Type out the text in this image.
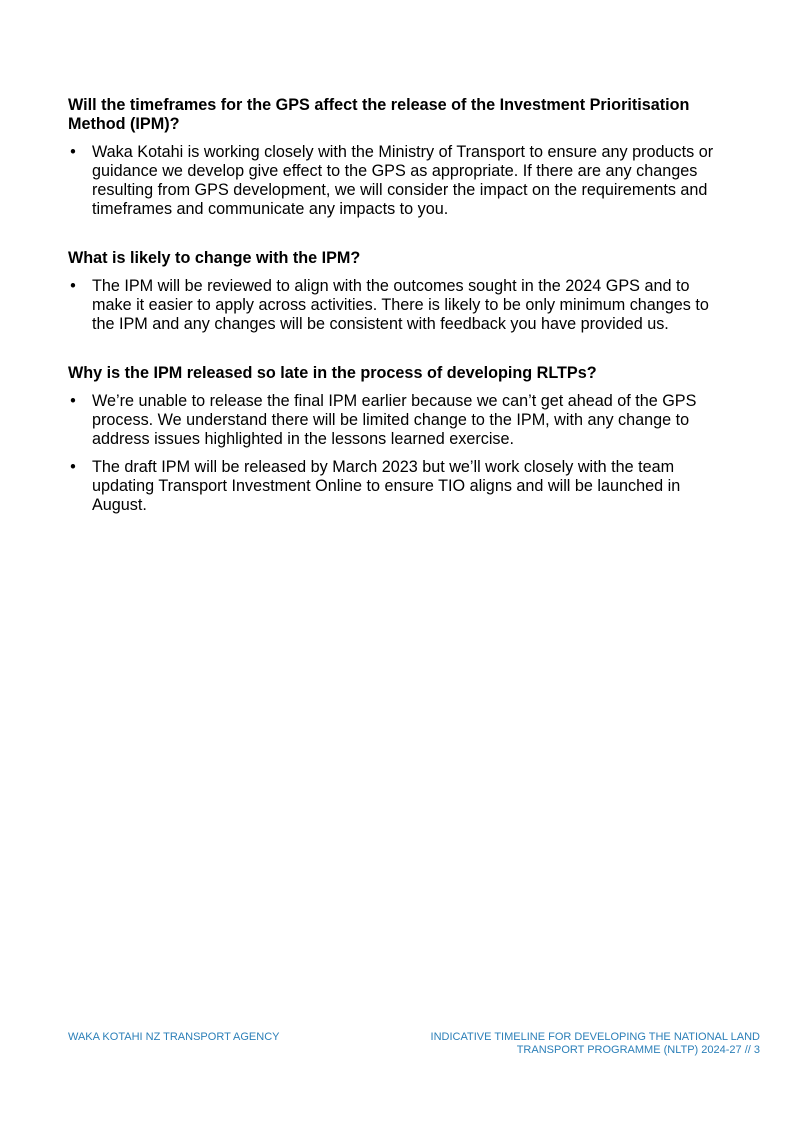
Will the timeframes for the GPS affect the release of the Investment Prioritisation Method (IPM)?
• Waka Kotahi is working closely with the Ministry of Transport to ensure any products or guidance we develop give effect to the GPS as appropriate. If there are any changes resulting from GPS development, we will consider the impact on the requirements and timeframes and communicate any impacts to you.
What is likely to change with the IPM?
• The IPM will be reviewed to align with the outcomes sought in the 2024 GPS and to make it easier to apply across activities. There is likely to be only minimum changes to the IPM and any changes will be consistent with feedback you have provided us.
Why is the IPM released so late in the process of developing RLTPs?
• We’re unable to release the final IPM earlier because we can’t get ahead of the GPS process. We understand there will be limited change to the IPM, with any change to address issues highlighted in the lessons learned exercise.
• The draft IPM will be released by March 2023 but we’ll work closely with the team updating Transport Investment Online to ensure TIO aligns and will be launched in August.
WAKA KOTAHI NZ TRANSPORT AGENCY	INDICATIVE TIMELINE FOR DEVELOPING THE NATIONAL LAND
TRANSPORT PROGRAMME (NLTP) 2024-27 // 3
